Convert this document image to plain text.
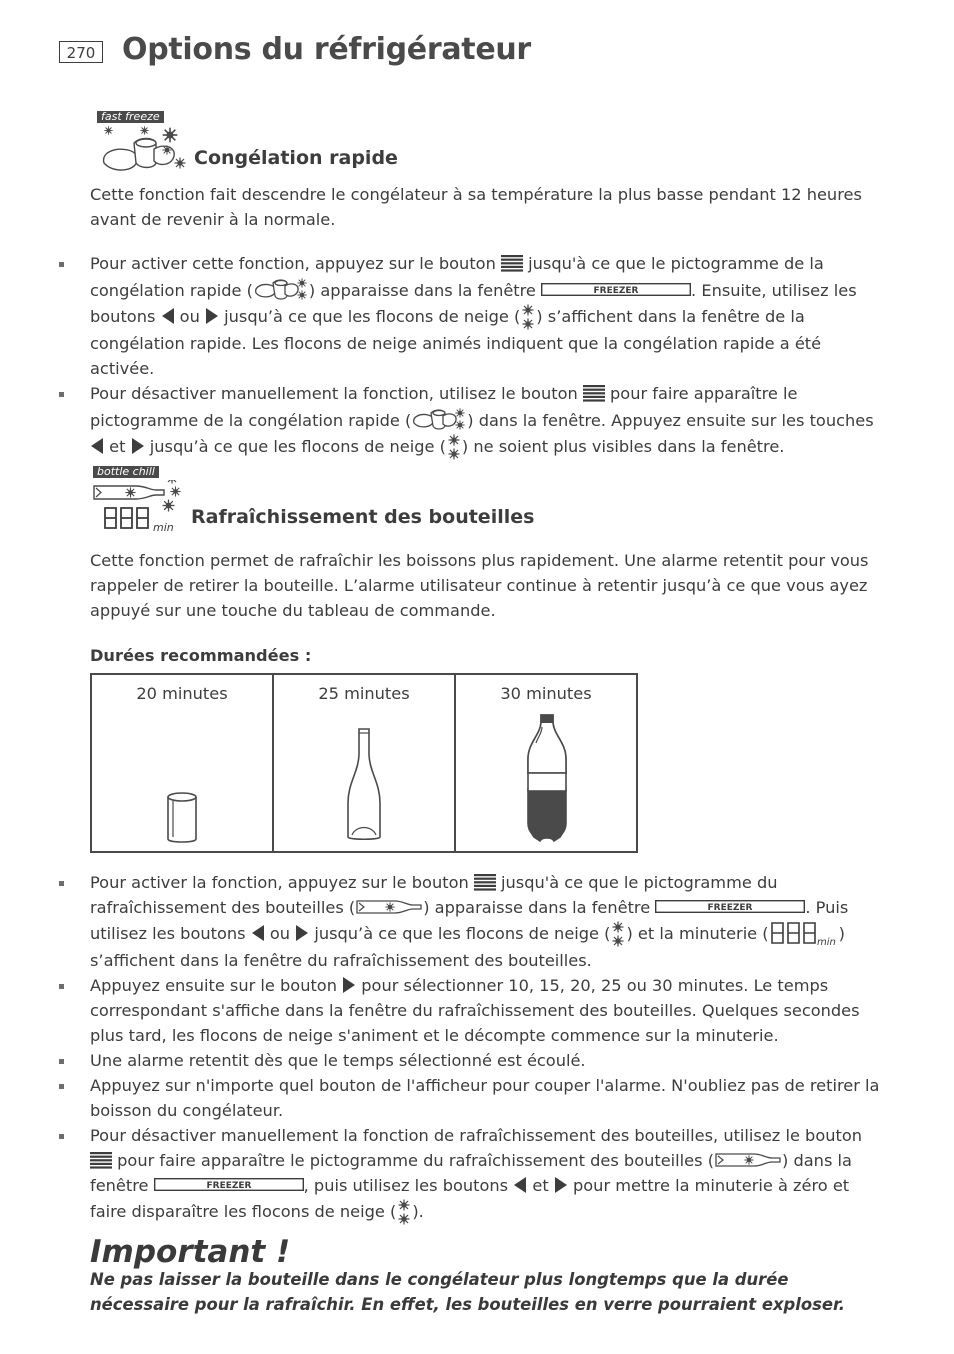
270 Options du réfrigérateur
fast freeze
Congélation rapide
Cette fonction fait descendre le congélateur à sa température la plus basse pendant 12 heures avant de revenir à la normale.
Pour activer cette fonction, appuyez sur le bouton  jusqu'à ce que le pictogramme de la congélation rapide (	) apparaisse dans la fenêtre	. Ensuite, utilisez les boutons  ou  jusqu’à ce que les flocons de neige ( ) s’affichent dans la fenêtre de la congélation rapide. Les flocons de neige animés indiquent que la congélation rapide a été activée.
Pour désactiver manuellement la fonction, utilisez le bouton  pour faire apparaître le pictogramme de la congélation rapide (	) dans la fenêtre. Appuyez ensuite sur les touches  et  jusqu’à ce que les flocons de neige ( ) ne soient plus visibles dans la fenêtre.
bottle chill
min Rafraîchissement des bouteilles
Cette fonction permet de rafraîchir les boissons plus rapidement. Une alarme retentit pour vous rappeler de retirer la bouteille. L’alarme utilisateur continue à retentir jusqu’à ce que vous ayez appuyé sur une touche du tableau de commande.
Durées recommandées :
20 minutes	25 minutes	30 minutes
Pour activer la fonction, appuyez sur le bouton  jusqu'à ce que le pictogramme du rafraîchissement des bouteilles (	) apparaisse dans la fenêtre	. Puis utilisez les boutons  ou  jusqu’à ce que les flocons de neige ( ) et la minuterie (	) s’affichent dans la fenêtre du rafraîchissement des bouteilles.
Appuyez ensuite sur le bouton  pour sélectionner 10, 15, 20, 25 ou 30 minutes. Le temps correspondant s'affiche dans la fenêtre du rafraîchissement des bouteilles. Quelques secondes plus tard, les flocons de neige s'animent et le décompte commence sur la minuterie.
Une alarme retentit dès que le temps sélectionné est écoulé.
Appuyez sur n'importe quel bouton de l'afficheur pour couper l'alarme. N'oubliez pas de retirer la boisson du congélateur.
Pour désactiver manuellement la fonction de rafraîchissement des bouteilles, utilisez le bouton  pour faire apparaître le pictogramme du rafraîchissement des bouteilles (	) dans la fenêtre	, puis utilisez les boutons  et  pour mettre la minuterie à zéro et faire disparaître les flocons de neige ( ).
Important !
Ne pas laisser la bouteille dans le congélateur plus longtemps que la durée nécessaire pour la rafraîchir. En effet, les bouteilles en verre pourraient exploser.
